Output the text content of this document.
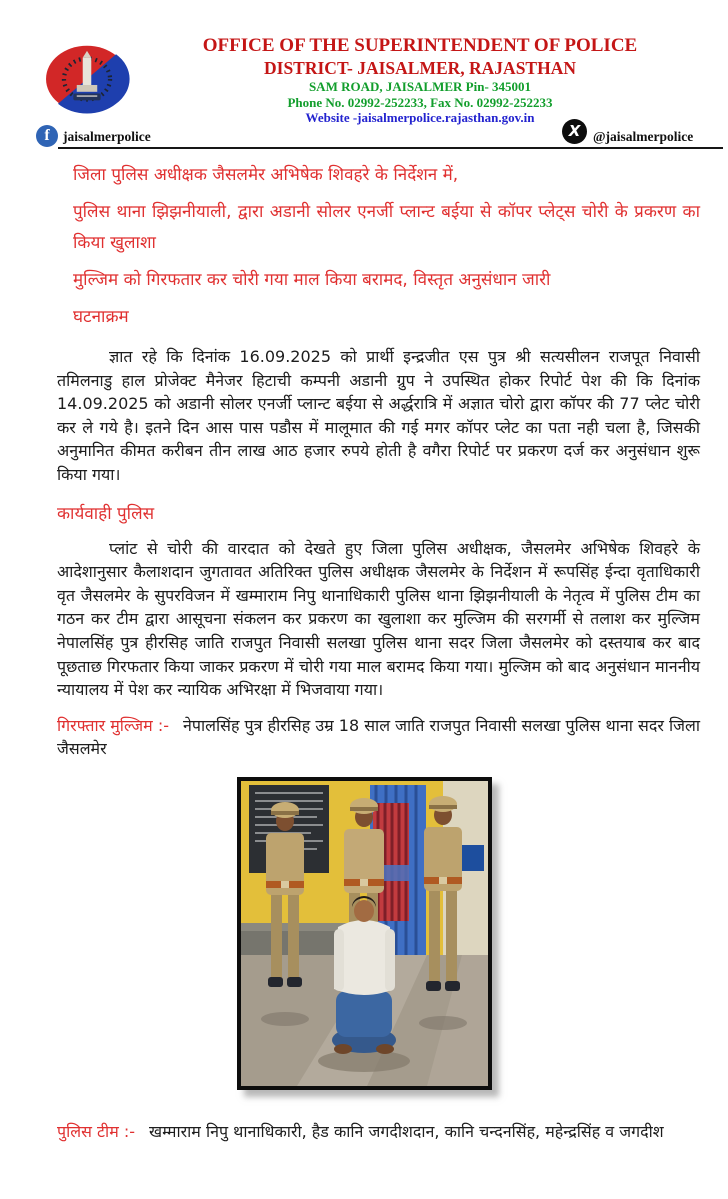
OFFICE OF THE SUPERINTENDENT OF POLICE
DISTRICT- JAISALMER, RAJASTHAN
SAM ROAD, JAISALMER Pin- 345001
Phone No. 02992-252233, Fax No. 02992-252233
Website -jaisalmerpolice.rajasthan.gov.in
f jaisalmerpolice	X @jaisalmerpolice

जिला पुलिस अधीक्षक जैसलमेर अभिषेक शिवहरे के निर्देशन में,

पुलिस थाना झिझनीयाली, द्वारा अडानी सोलर एनर्जी प्लान्ट बईया से कॉपर प्लेट्स चोरी के प्रकरण का किया खुलाशा

मुल्जिम को गिरफतार कर चोरी गया माल किया बरामद, विस्तृत अनुसंधान जारी

घटनाक्रम

ज्ञात रहे कि दिनांक 16.09.2025 को प्रार्थी इन्द्रजीत एस पुत्र श्री सत्यसीलन राजपूत निवासी तमिलनाडु हाल प्रोजेक्ट मैनेजर हिटाची कम्पनी अडानी ग्रुप ने उपस्थित होकर रिपोर्ट पेश की कि दिनांक 14.09.2025 को अडानी सोलर एनर्जी प्लान्ट बईया से अर्द्धरात्रि में अज्ञात चोरो द्वारा कॉपर की 77 प्लेट चोरी कर ले गये है। इतने दिन आस पास पडौस में मालूमात की गई मगर कॉपर प्लेट का पता नही चला है, जिसकी अनुमानित कीमत करीबन तीन लाख आठ हजार रुपये होती है वगैरा रिपोर्ट पर प्रकरण दर्ज कर अनुसंधान शुरू किया गया।

कार्यवाही पुलिस

प्लांट से चोरी की वारदात को देखते हुए जिला पुलिस अधीक्षक, जैसलमेर अभिषेक शिवहरे के आदेशानुसार कैलाशदान जुगतावत अतिरिक्त पुलिस अधीक्षक जैसलमेर के निर्देशन में रूपसिंह ईन्दा वृताधिकारी वृत जैसलमेर के सुपरविजन में खम्माराम निपु थानाधिकारी पुलिस थाना झिझनीयाली के नेतृत्व में पुलिस टीम का गठन कर टीम द्वारा आसूचना संकलन कर प्रकरण का खुलाशा कर मुल्जिम की सरगर्मी से तलाश कर मुल्जिम नेपालसिंह पुत्र हीरसिह जाति राजपुत निवासी सलखा पुलिस थाना सदर जिला जैसलमेर को दस्तयाब कर बाद पूछताछ गिरफतार किया जाकर प्रकरण में चोरी गया माल बरामद किया गया। मुल्जिम को बाद अनुसंधान माननीय न्यायालय में पेश कर न्यायिक अभिरक्षा में भिजवाया गया।

गिरफ्तार मुल्जिम :- नेपालसिंह पुत्र हीरसिह उम्र 18 साल जाति राजपुत निवासी सलखा पुलिस थाना सदर जिला जैसलमेर

पुलिस टीम :- खम्माराम निपु थानाधिकारी, हैड कानि जगदीशदान, कानि चन्दनसिंह, महेन्द्रसिंह व जगदीश
